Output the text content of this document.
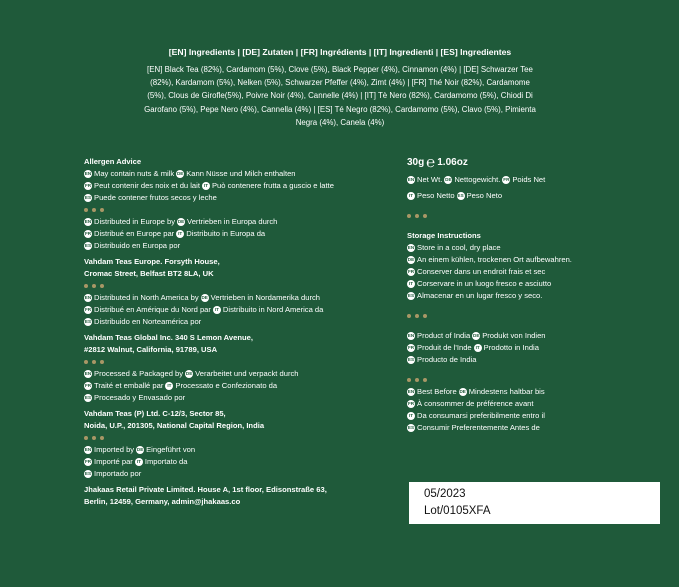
[EN] Ingredients | [DE] Zutaten | [FR] Ingrédients | [IT] Ingredienti | [ES] Ingredientes
[EN] Black Tea (82%), Cardamom (5%), Clove (5%), Black Pepper (4%), Cinnamon (4%) | [DE] Schwarzer Tee
(82%), Kardamom (5%), Nelken (5%), Schwarzer Pfeffer (4%), Zimt (4%) | [FR] Thé Noir (82%), Cardamome
(5%), Clous de Girofle(5%), Poivre Noir (4%), Cannelle (4%) | [IT] Tè Nero (82%), Cardamomo (5%), Chiodi Di
Garofano (5%), Pepe Nero (4%), Cannella (4%) | [ES] Té Negro (82%), Cardamomo (5%), Clavo (5%), Pimienta
Negra (4%), Canela (4%)
Allergen Advice
EN May contain nuts & milk DE Kann Nüsse und Milch enthalten
FR Peut contenir des noix et du lait IT Può contenere frutta a guscio e latte
ES Puede contener frutos secos y leche
EN Distributed in Europe by DE Vertrieben in Europa durch
FR Distribué en Europe par IT Distribuito in Europa da
ES Distribuido en Europa por
Vahdam Teas Europe. Forsyth House,
Cromac Street, Belfast BT2 8LA, UK
EN Distributed in North America by DE Vertrieben in Nordamerika durch
FR Distribué en Amérique du Nord par IT Distribuito in Nord America da
ES Distribuido en Norteamérica por
Vahdam Teas Global Inc. 340 S Lemon Avenue,
#2812 Walnut, California, 91789, USA
EN Processed & Packaged by DE Verarbeitet und verpackt durch
FR Traité et emballé par IT Processato e Confezionato da
ES Procesado y Envasado por
Vahdam Teas (P) Ltd. C-12/3, Sector 85,
Noida, U.P., 201305, National Capital Region, India
EN Imported by DE Eingeführt von
FR Importé par IT Importato da
ES Importado por
Jhakaas Retail Private Limited. House A, 1st floor, Edisonstraße 63,
Berlin, 12459, Germany, admin@jhakaas.co
30g ℮ 1.06oz
EN Net Wt. DE Nettogewicht. FR Poids Net
IT Peso Netto ES Peso Neto
Storage Instructions
EN Store in a cool, dry place
DE An einem kühlen, trockenen Ort aufbewahren.
FR Conserver dans un endroit frais et sec
IT Corservare in un luogo fresco e asciutto
ES Almacenar en un lugar fresco y seco.
EN Product of India DE Produkt von Indien
FR Produit de l'Inde IT Prodotto in India
ES Producto de India
EN Best Before DE Mindestens haltbar bis
FR À consommer de préférence avant
IT Da consumarsi preferibilmente entro il
ES Consumir Preferentemente Antes de
05/2023
Lot/0105XFA
